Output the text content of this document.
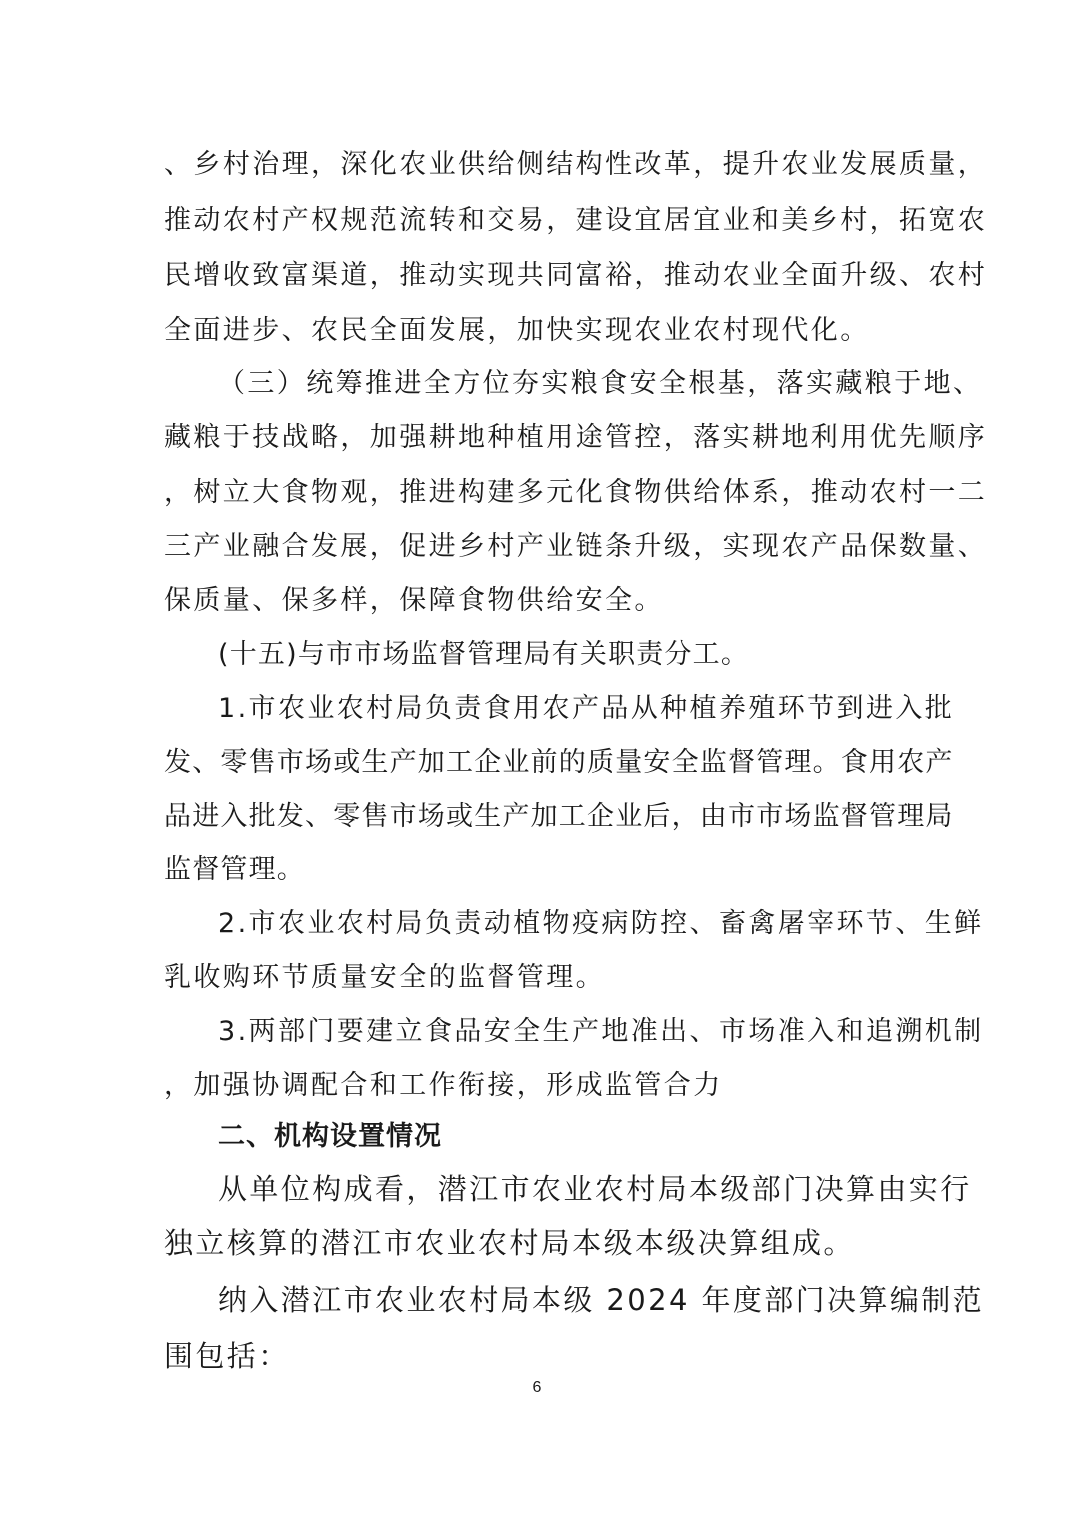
、乡村治理，深化农业供给侧结构性改革，提升农业发展质量，
推动农村产权规范流转和交易，建设宜居宜业和美乡村，拓宽农
民增收致富渠道，推动实现共同富裕，推动农业全面升级、农村
全面进步、农民全面发展，加快实现农业农村现代化。
（三）统筹推进全方位夯实粮食安全根基，落实藏粮于地、
藏粮于技战略，加强耕地种植用途管控，落实耕地利用优先顺序
，树立大食物观，推进构建多元化食物供给体系，推动农村一二
三产业融合发展，促进乡村产业链条升级，实现农产品保数量、
保质量、保多样，保障食物供给安全。
(十五)与市市场监督管理局有关职责分工。
1.市农业农村局负责食用农产品从种植养殖环节到进入批
发、零售市场或生产加工企业前的质量安全监督管理。食用农产
品进入批发、零售市场或生产加工企业后，由市市场监督管理局
监督管理。
2.市农业农村局负责动植物疫病防控、畜禽屠宰环节、生鲜
乳收购环节质量安全的监督管理。
3.两部门要建立食品安全生产地准出、市场准入和追溯机制
，加强协调配合和工作衔接，形成监管合力
二、机构设置情况
从单位构成看，潜江市农业农村局本级部门决算由实行
独立核算的潜江市农业农村局本级本级决算组成。
纳入潜江市农业农村局本级 2024 年度部门决算编制范
围包括：
6
